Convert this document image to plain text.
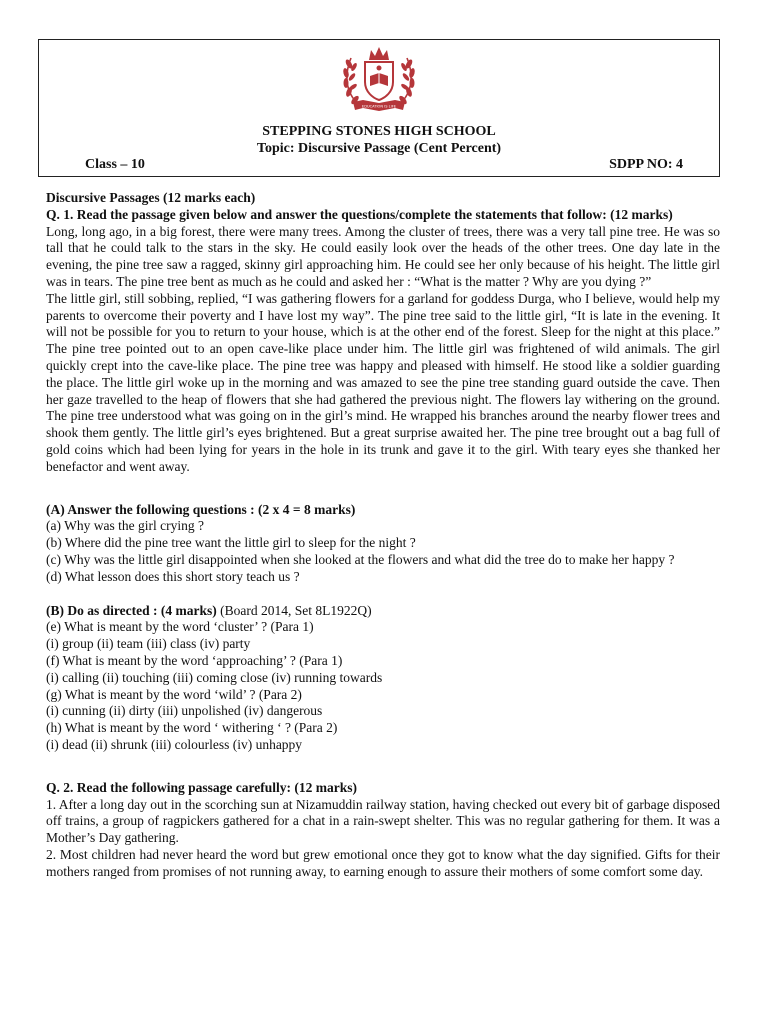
EDUCATION IS LIFE
STEPPING STONES HIGH SCHOOL
Topic: Discursive Passage (Cent Percent)
Class – 10	SDPP NO: 4

Discursive Passages (12 marks each)

Q. 1. Read the passage given below and answer the questions/complete the statements that follow: (12 marks)

Long, long ago, in a big forest, there were many trees. Among the cluster of trees, there was a very tall pine tree. He was so tall that he could talk to the stars in the sky. He could easily look over the heads of the other trees. One day late in the evening, the pine tree saw a ragged, skinny girl approaching him. He could see her only because of his height. The little girl was in tears. The pine tree bent as much as he could and asked her : “What is the matter ? Why are you dying ?”

The little girl, still sobbing, replied, “I was gathering flowers for a garland for goddess Durga, who I believe, would help my parents to overcome their poverty and I have lost my way”. The pine tree said to the little girl, “It is late in the evening. It will not be possible for you to return to your house, which is at the other end of the forest. Sleep for the night at this place.” The pine tree pointed out to an open cave-like place under him. The little girl was frightened of wild animals. The girl quickly crept into the cave-like place. The pine tree was happy and pleased with himself. He stood like a soldier guarding the place. The little girl woke up in the morning and was amazed to see the pine tree standing guard outside the cave. Then her gaze travelled to the heap of flowers that she had gathered the previous night. The flowers lay withering on the ground. The pine tree understood what was going on in the girl’s mind. He wrapped his branches around the nearby flower trees and shook them gently. The little girl’s eyes brightened. But a great surprise awaited her. The pine tree brought out a bag full of gold coins which had been lying for years in the hole in its trunk and gave it to the girl. With teary eyes she thanked her benefactor and went away.

(A) Answer the following questions : (2 x 4 = 8 marks)

(a) Why was the girl crying ?

(b) Where did the pine tree want the little girl to sleep for the night ?

(c) Why was the little girl disappointed when she looked at the flowers and what did the tree do to make her happy ?

(d) What lesson does this short story teach us ?

(B) Do as directed : (4 marks) (Board 2014, Set 8L1922Q)

(e) What is meant by the word ‘cluster’ ? (Para 1)

(i) group (ii) team (iii) class (iv) party

(f) What is meant by the word ‘approaching’ ? (Para 1)

(i) calling (ii) touching (iii) coming close (iv) running towards

(g) What is meant by the word ‘wild’ ? (Para 2)

(i) cunning (ii) dirty (iii) unpolished (iv) dangerous

(h) What is meant by the word ‘ withering ‘ ? (Para 2)

(i) dead (ii) shrunk (iii) colourless (iv) unhappy

Q. 2. Read the following passage carefully: (12 marks)

1. After a long day out in the scorching sun at Nizamuddin railway station, having checked out every bit of garbage disposed off trains, a group of ragpickers gathered for a chat in a rain-swept shelter. This was no regular gathering for them. It was a Mother’s Day gathering.

2. Most children had never heard the word but grew emotional once they got to know what the day signified. Gifts for their mothers ranged from promises of not running away, to earning enough to assure their mothers of some comfort some day.
